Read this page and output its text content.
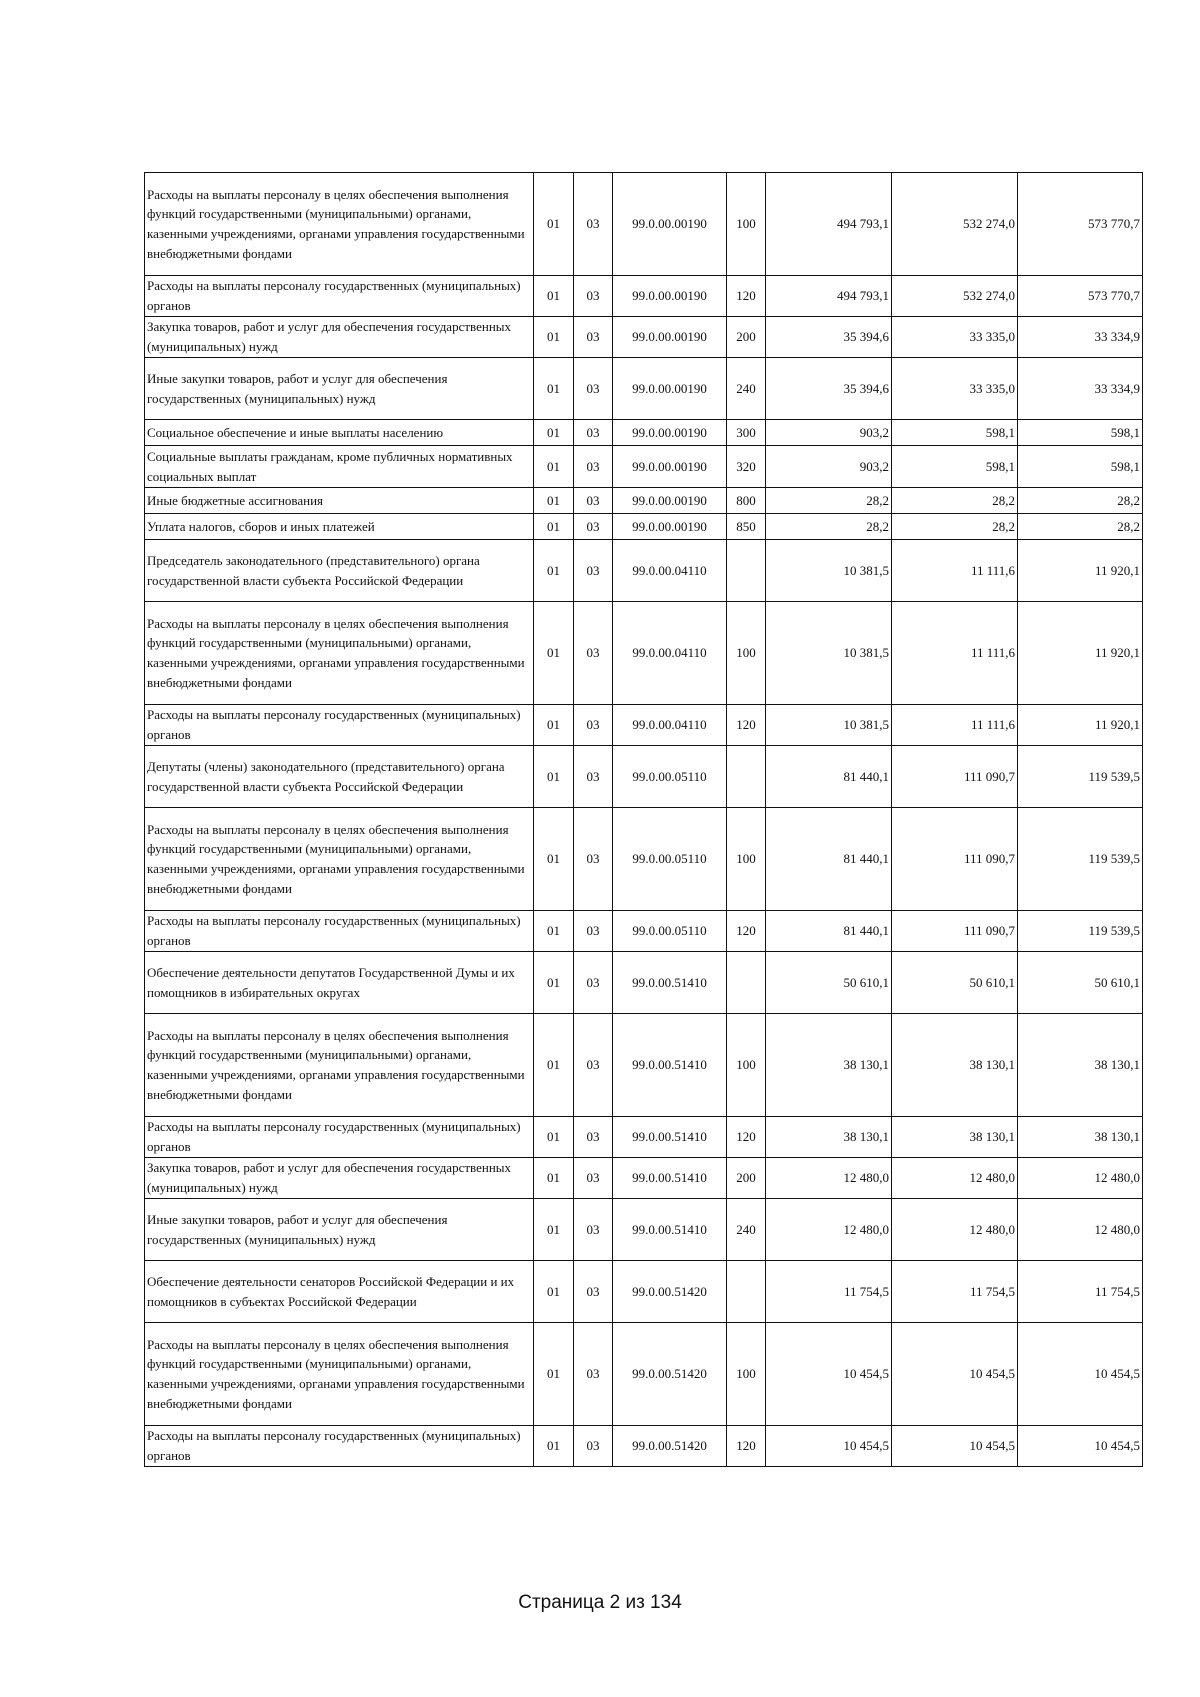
Расходы на выплаты персоналу в целях обеспечения выполнения функций государственными (муниципальными) органами, казенными учреждениями, органами управления государственными внебюджетными фондами	01	03	99.0.00.00190	100	494 793,1	532 274,0	573 770,7
Расходы на выплаты персоналу государственных (муниципальных) органов	01	03	99.0.00.00190	120	494 793,1	532 274,0	573 770,7
Закупка товаров, работ и услуг для обеспечения государственных (муниципальных) нужд	01	03	99.0.00.00190	200	35 394,6	33 335,0	33 334,9
Иные закупки товаров, работ и услуг для обеспечения государственных (муниципальных) нужд	01	03	99.0.00.00190	240	35 394,6	33 335,0	33 334,9
Социальное обеспечение и иные выплаты населению	01	03	99.0.00.00190	300	903,2	598,1	598,1
Социальные выплаты гражданам, кроме публичных нормативных социальных выплат	01	03	99.0.00.00190	320	903,2	598,1	598,1
Иные бюджетные ассигнования	01	03	99.0.00.00190	800	28,2	28,2	28,2
Уплата налогов, сборов и иных платежей	01	03	99.0.00.00190	850	28,2	28,2	28,2
Председатель законодательного (представительного) органа государственной власти субъекта Российской Федерации	01	03	99.0.00.04110		10 381,5	11 111,6	11 920,1
Расходы на выплаты персоналу в целях обеспечения выполнения функций государственными (муниципальными) органами, казенными учреждениями, органами управления государственными внебюджетными фондами	01	03	99.0.00.04110	100	10 381,5	11 111,6	11 920,1
Расходы на выплаты персоналу государственных (муниципальных) органов	01	03	99.0.00.04110	120	10 381,5	11 111,6	11 920,1
Депутаты (члены) законодательного (представительного) органа государственной власти субъекта Российской Федерации	01	03	99.0.00.05110		81 440,1	111 090,7	119 539,5
Расходы на выплаты персоналу в целях обеспечения выполнения функций государственными (муниципальными) органами, казенными учреждениями, органами управления государственными внебюджетными фондами	01	03	99.0.00.05110	100	81 440,1	111 090,7	119 539,5
Расходы на выплаты персоналу государственных (муниципальных) органов	01	03	99.0.00.05110	120	81 440,1	111 090,7	119 539,5
Обеспечение деятельности депутатов Государственной Думы и их помощников в избирательных округах	01	03	99.0.00.51410		50 610,1	50 610,1	50 610,1
Расходы на выплаты персоналу в целях обеспечения выполнения функций государственными (муниципальными) органами, казенными учреждениями, органами управления государственными внебюджетными фондами	01	03	99.0.00.51410	100	38 130,1	38 130,1	38 130,1
Расходы на выплаты персоналу государственных (муниципальных) органов	01	03	99.0.00.51410	120	38 130,1	38 130,1	38 130,1
Закупка товаров, работ и услуг для обеспечения государственных (муниципальных) нужд	01	03	99.0.00.51410	200	12 480,0	12 480,0	12 480,0
Иные закупки товаров, работ и услуг для обеспечения государственных (муниципальных) нужд	01	03	99.0.00.51410	240	12 480,0	12 480,0	12 480,0
Обеспечение деятельности сенаторов Российской Федерации и их помощников в субъектах Российской Федерации	01	03	99.0.00.51420		11 754,5	11 754,5	11 754,5
Расходы на выплаты персоналу в целях обеспечения выполнения функций государственными (муниципальными) органами, казенными учреждениями, органами управления государственными внебюджетными фондами	01	03	99.0.00.51420	100	10 454,5	10 454,5	10 454,5
Расходы на выплаты персоналу государственных (муниципальных) органов	01	03	99.0.00.51420	120	10 454,5	10 454,5	10 454,5
Страница 2 из 134
